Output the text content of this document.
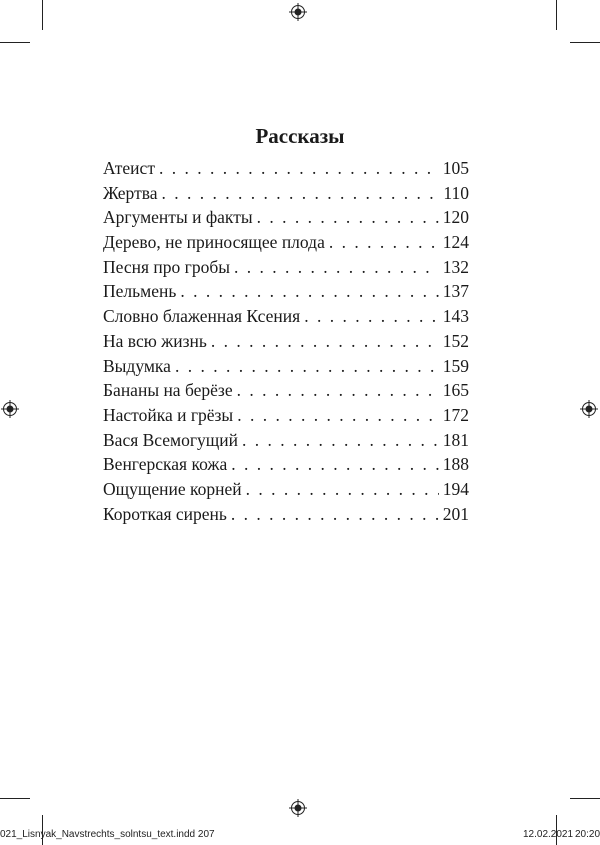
Рассказы
Атеист . . .	105
Жертва . . .	110
Аргументы и факты . . .	120
Дерево, не приносящее плода . . .	124
Песня про гробы . . .	132
Пельмень . . .	137
Словно блаженная Ксения . . .	143
На всю жизнь . . .	152
Выдумка . . .	159
Бананы на берёзе . . .	165
Настойка и грёзы . . .	172
Вася Всемогущий . . .	181
Венгерская кожа . . .	188
Ощущение корней . . .	194
Короткая сирень . . .	201
021_Lisnyak_Navstrechts_solntsu_text.indd 207	12.02.2021 20:20
